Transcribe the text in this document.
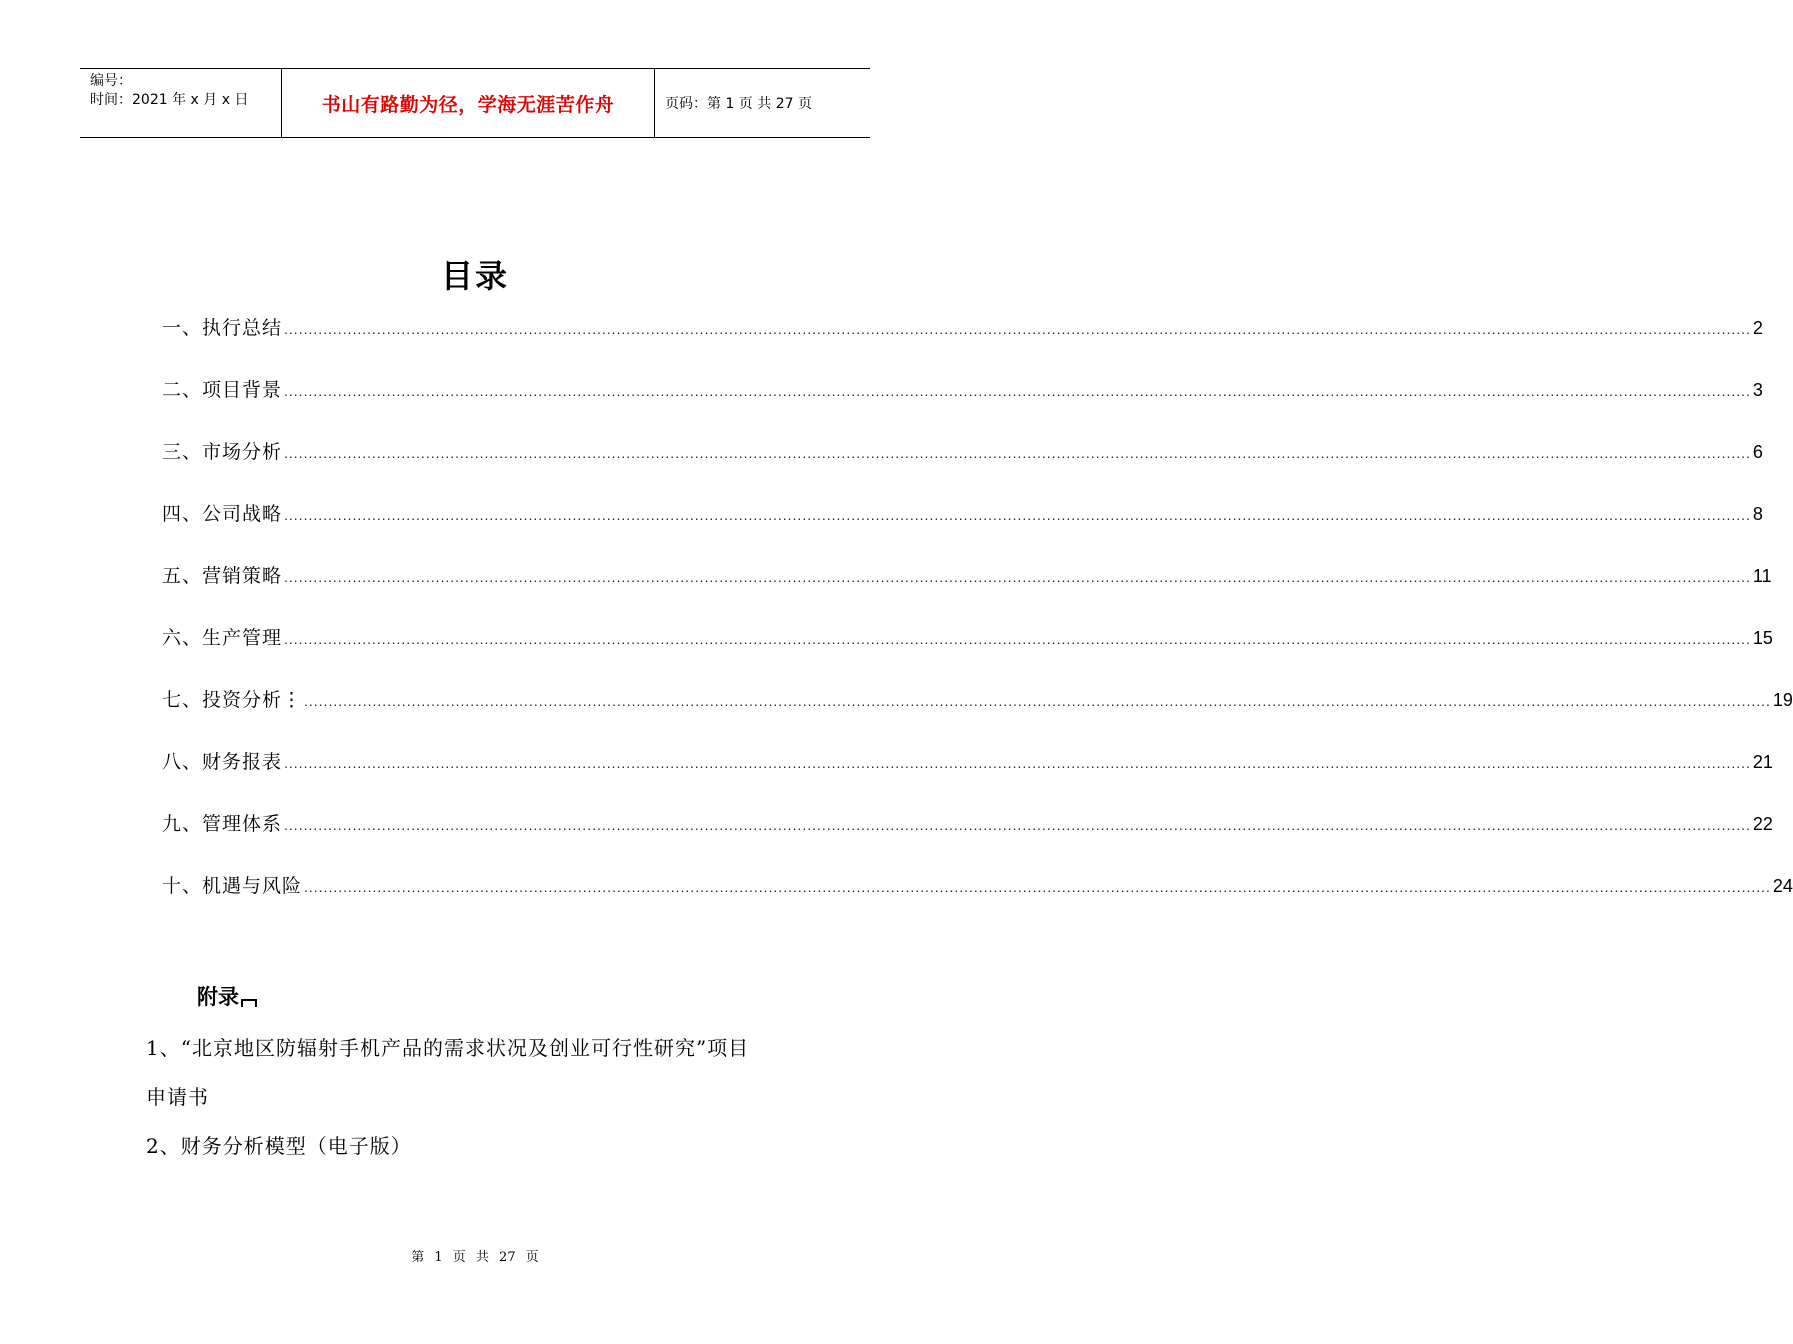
编号：
时间：2021 年 x 月 x 日	书山有路勤为径，学海无涯苦作舟	页码：第 1 页 共 27 页
目录
一、执行总结 ............................................................................................................................................................................................................................................................................................................ 2
二、项目背景 ............................................................................................................................................................................................................................................................................................................ 3
三、市场分析 ............................................................................................................................................................................................................................................................................................................ 6
四、公司战略 ............................................................................................................................................................................................................................................................................................................ 8
五、营销策略 ............................................................................................................................................................................................................................................................................................................ 11
六、生产管理 ............................................................................................................................................................................................................................................................................................................ 15
七、投资分析⋮ ............................................................................................................................................................................................................................................................................................................ 19
八、财务报表 ............................................................................................................................................................................................................................................................................................................ 21
九、管理体系 ............................................................................................................................................................................................................................................................................................................ 22
十、机遇与风险 ............................................................................................................................................................................................................................................................................................................ 24
附录
1、“北京地区防辐射手机产品的需求状况及创业可行性研究”项目
申请书
2、财务分析模型（电子版）
第 1 页 共 27 页
